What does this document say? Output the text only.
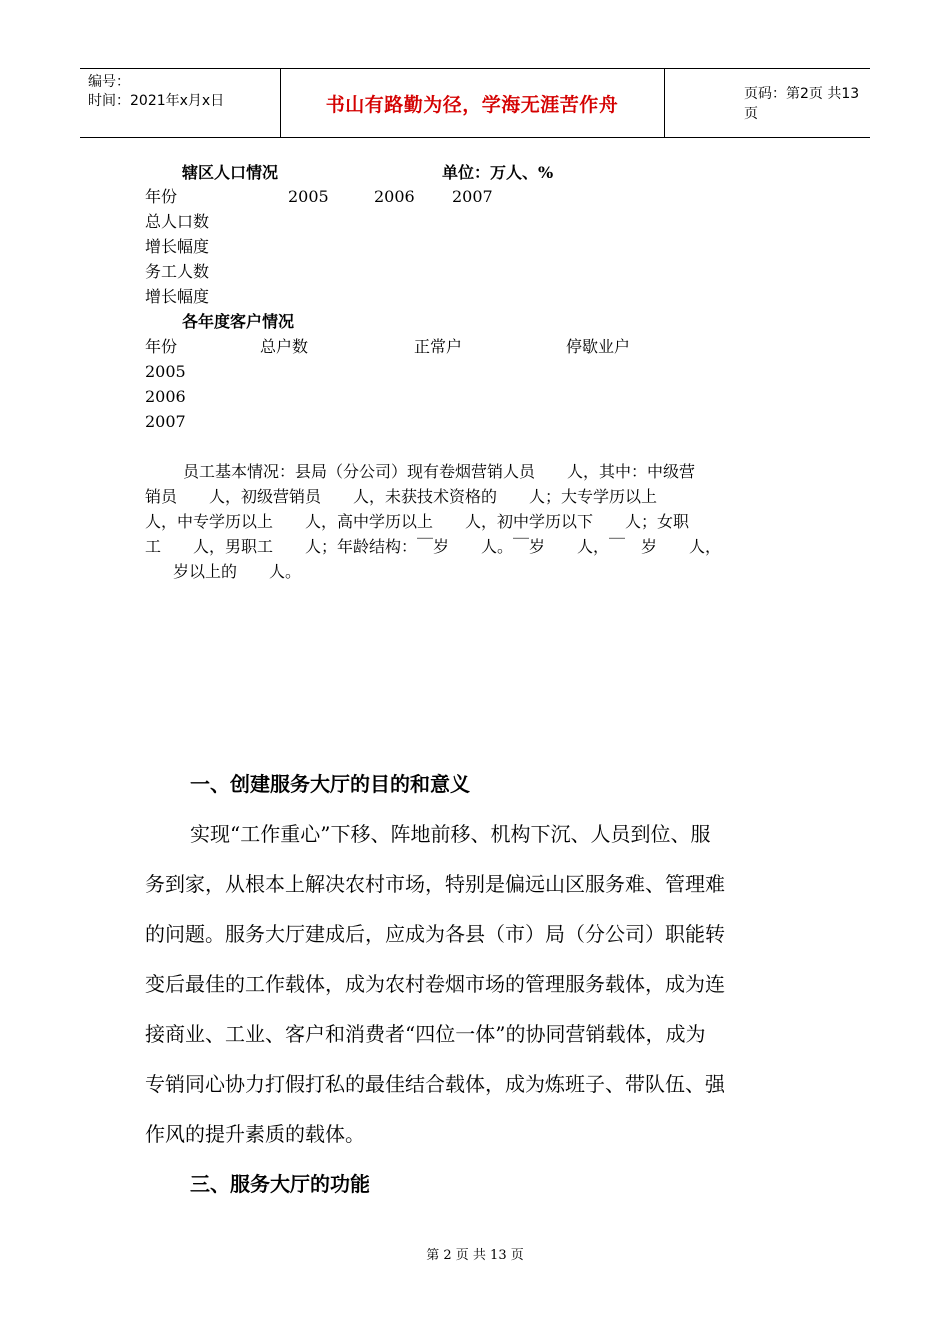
编号：
时间：2021年x月x日	书山有路勤为径，学海无涯苦作舟	页码：第2页 共13页
辖区人口情况	单位：万人、%
年份	2005	2006 2007
总人口数
增长幅度
务工人数
增长幅度
各年度客户情况
年份	总户数	正常户	停歇业户
2005
2006
2007
员工基本情况：县局（分公司）现有卷烟营销人员　　人，其中：中级营
销员　　人，初级营销员　　人，未获技术资格的　　人；大专学历以上
人，中专学历以上　　人，高中学历以上　　人，初中学历以下　　人；女职
工　　人，男职工　　人；年龄结构：￣岁　　人。￣岁　　人，￣　岁　　人，
岁以上的　　人。
一、创建服务大厅的目的和意义
实现“工作重心”下移、阵地前移、机构下沉、人员到位、服
务到家，从根本上解决农村市场，特别是偏远山区服务难、管理难
的问题。服务大厅建成后，应成为各县（市）局（分公司）职能转
变后最佳的工作载体，成为农村卷烟市场的管理服务载体，成为连
接商业、工业、客户和消费者“四位一体”的协同营销载体，成为
专销同心协力打假打私的最佳结合载体，成为炼班子、带队伍、强
作风的提升素质的载体。
三、服务大厅的功能
第 2 页 共 13 页
